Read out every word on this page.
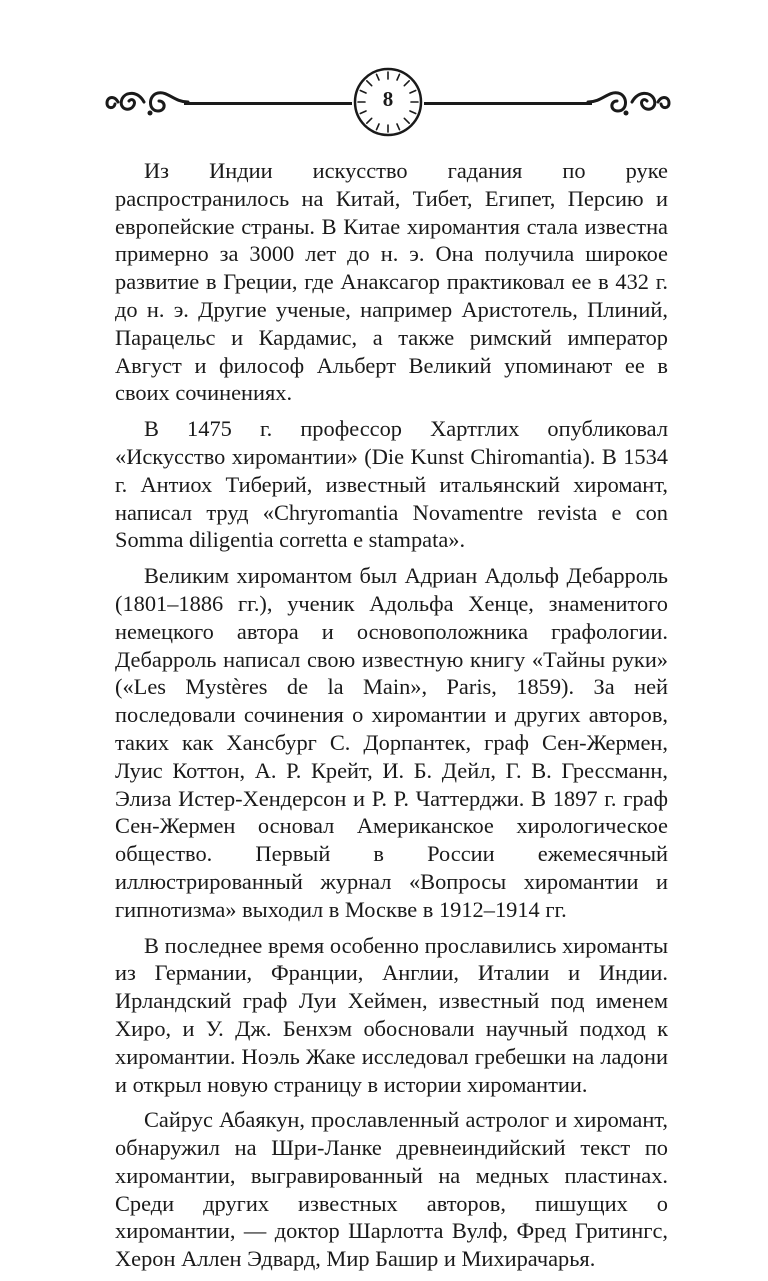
8

Из Индии искусство гадания по руке распространилось на Китай, Тибет, Египет, Персию и европейские страны. В Китае хиромантия стала известна примерно за 3000 лет до н. э. Она получила широкое развитие в Греции, где Анаксагор практиковал ее в 432 г. до н. э. Другие ученые, например Аристотель, Плиний, Парацельс и Кардамис, а также римский император Август и философ Альберт Великий упоминают ее в своих сочинениях.

В 1475 г. профессор Хартглих опубликовал «Искусство хиромантии» (Die Kunst Chiromantia). В 1534 г. Антиох Тиберий, известный итальянский хиромант, написал труд «Chryromantia Novamentre revista e con Somma diligentia corretta e stampata».

Великим хиромантом был Адриан Адольф Дебарроль (1801–1886 гг.), ученик Адольфа Хенце, знаменитого немецкого автора и основоположника графологии. Дебарроль написал свою известную книгу «Тайны руки» («Les Mystères de la Main», Paris, 1859). За ней последовали сочинения о хиромантии и других авторов, таких как Хансбург С. Дорпантек, граф Сен-Жермен, Луис Коттон, А. Р. Крейт, И. Б. Дейл, Г. В. Грессманн, Элиза Истер-Хендерсон и Р. Р. Чаттерджи. В 1897 г. граф Сен-Жермен основал Американское хирологическое общество. Первый в России ежемесячный иллюстрированный журнал «Вопросы хиромантии и гипнотизма» выходил в Москве в 1912–1914 гг.

В последнее время особенно прославились хироманты из Германии, Франции, Англии, Италии и Индии. Ирландский граф Луи Хеймен, известный под именем Хиро, и У. Дж. Бенхэм обосновали научный подход к хиромантии. Ноэль Жаке исследовал гребешки на ладони и открыл новую страницу в истории хиромантии.

Сайрус Абаякун, прославленный астролог и хиромант, обнаружил на Шри-Ланке древнеиндийский текст по хиромантии, выгравированный на медных пластинах. Среди других известных авторов, пишущих о хиромантии, — доктор Шарлотта Вулф, Фред Гритингс, Херон Аллен Эдвард, Мир Башир и Михирачарья.
